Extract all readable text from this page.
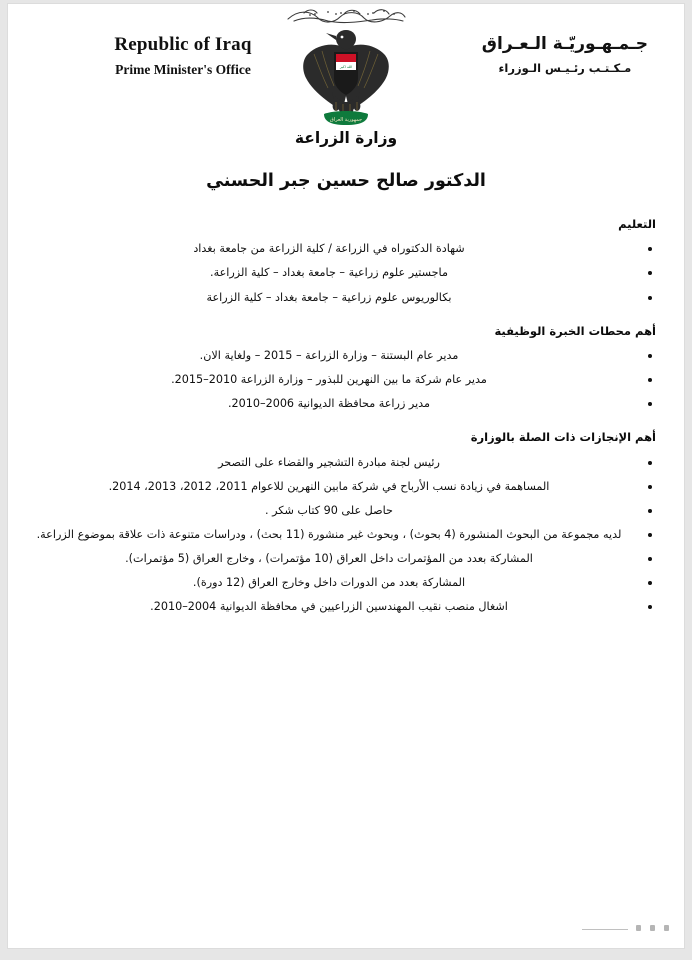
Republic of Iraq
Prime Minister's Office	الله اكبر
جمهورية العراق
جـمـهـوريّـة الـعـراق
مـكـتـب رئـيـس الـوزراء
وزارة الزراعة
الدكتور صالح حسين جبر الحسني
التعليم
شهادة الدكتوراه في الزراعة / كلية الزراعة من جامعة بغداد
ماجستير علوم زراعية – جامعة بغداد – كلية الزراعة.
بكالوريوس علوم زراعية – جامعة بغداد – كلية الزراعة
أهم محطات الخبرة الوظيفية
مدير عام البستنة – وزارة الزراعة – 2015 – ولغاية الان.
مدير عام شركة ما بين النهرين للبذور – وزارة الزراعة 2010–2015.
مدير زراعة محافظة الديوانية 2006–2010.
أهم الإنجازات ذات الصلة بالوزارة
رئيس لجنة مبادرة التشجير والقضاء على التصحر
المساهمة في زيادة نسب الأرباح في شركة مابين النهرين للاعوام 2011، 2012، 2013، 2014.
حاصل على 90 كتاب شكر .
لديه مجموعة من البحوث المنشورة (4 بحوث) ، وبحوث غير منشورة (11 بحث) ، ودراسات متنوعة ذات علاقة بموضوع الزراعة.
المشاركة بعدد من المؤتمرات داخل العراق (10 مؤتمرات) ، وخارج العراق (5 مؤتمرات).
المشاركة بعدد من الدورات داخل وخارج العراق (12 دورة).
اشغال منصب نقيب المهندسين الزراعيين في محافظة الديوانية 2004–2010.
